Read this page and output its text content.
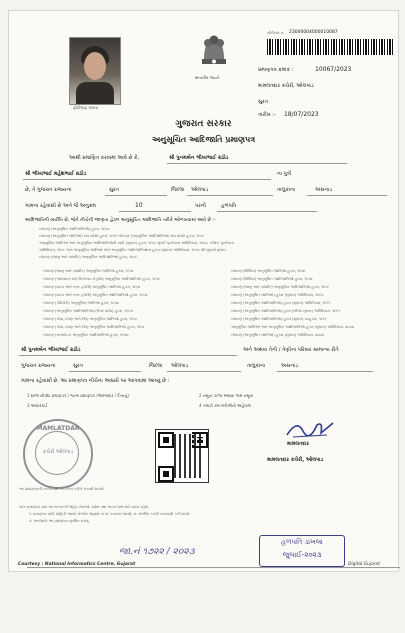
ફોટોગ્રાફ પાત્રતા
સત્યમેવ જયતે
સીરીયલ નં. 23000004000010087
પ્રમાણપત્ર ક્રમાંક :	10067/2023
મામલતદાર કચેરી, ઓલપાડ
સુરત
તારીખ :- 18/07/2023
ગુજરાત સરકાર
અનુસૂચિત આદિજાતિ પ્રમાણપત્ર
આથી પ્રમાણિત કરવામાં આવે છે કે,	શ્રી પુનમબેન ભીખાભાઈ રાઠોડ
શ્રી ભીખાભાઈ મહેશભાઈ રાઠોડ	ના પુત્રી
છે, તે ગુજરાત રાજ્યના	સુરત	જિલ્લા ઓલપાડ	તાલુકાના	અસનાડ
ગામના રહેવાસી છે અને જે અનુક્રમ	10	પરની	હળપતિ
આદિજાતિની વ્યક્તિ છે, જેને નીચેની જાણતા હેઠળ અનુસૂચિત આદિજાતિ તરીકે ઓળખવામાં આવે છે :-
બંધારણ (અનુસૂચિત આદિજાતિઓ) હુકમ, ૧૯૫૦
બંધારણ (અનુસૂચિત જાતિઓ) સંઘ પ્રદેશો હુકમ, ૧૯૫૧ બંધારણ (અનુસૂચિત આદિજાતિઓ) સંઘ પ્રદેશો હુકમ, ૧૯૫૧
અનુસૂચિત જાતિઓ અને અનુસૂચિત આદિજાતિઓની યાદી (સુધારા) હુકમ, ૧૯૫૬ મુંબઈ પુનર્રચના અધિનિયમ, ૧૯૬૦, પંજાબ પુનર્રચના
અધિનિયમ, ૧૯૬૬ અને અનુસૂચિત જાતિઓ અને અનુસૂચિત આદિજાતિઓના હુકમ (સુધારા) અધિનિયમ, ૧૯૭૬ થી સુધાર્યા મુજબ
બંધારણ (જમ્મુ અને કાશ્મીર) અનુસૂચિત આદિજાતિઓ હુકમ, ૧૯૮૯
બંધારણ (જમ્મુ અને કાશ્મીર) અનુસૂચિત જાતિઓ હુકમ, ૧૯૫૬
બંધારણ (આંદામાન અને નિકોબાર ટાપુઓ) અનુસૂચિત આદિજાતિઓ હુકમ, ૧૯૫૯
બંધારણ (દાદરા અને નગર હવેલી) અનુસૂચિત જાતિઓ હુકમ, ૧૯૬૨
બંધારણ (દાદરા અને નગર હવેલી) અનુસૂચિત આદિજાતિઓ હુકમ, ૧૯૬૨
બંધારણ (પોંડિચેરી) અનુસૂચિત જાતિઓ હુકમ, ૧૯૬૪
બંધારણ (અનુસૂચિત આદિજાતિઓ) (ઉત્તર પ્રદેશ) હુકમ, ૧૯૬૭
બંધારણ (ગોવા, દમણ અને દીવ) અનુસૂચિત જાતિઓ હુકમ, ૧૯૬૮
બંધારણ (ગોવા, દમણ અને દીવ) અનુસૂચિત આદિજાતિઓ હુકમ, ૧૯૬૮
બંધારણ (નાગાલેન્ડ) અનુસૂચિત આદિજાતિઓ હુકમ, ૧૯૭૦
બંધારણ (સિક્કિમ) અનુસૂચિત જાતિઓ હુકમ, ૧૯૭૮
બંધારણ (સિક્કિમ) અનુસૂચિત આદિજાતિઓ હુકમ, ૧૯૭૮
બંધારણ (જમ્મુ અને કાશ્મીર) અનુસૂચિત આદિજાતિઓ હુકમ, ૧૯૮૯
બંધારણ (અનુસૂચિત જાતિઓ) હુકમ (સુધારા) અધિનિયમ, ૧૯૯૦
બંધારણ (અનુસૂચિત આદિજાતિઓ) હુકમ (સુધારા) અધિનિયમ, ૧૯૯૧
બંધારણ (અનુસૂચિત આદિજાતિઓ) હુકમ (બીજા સુધારા) અધિનિયમ, ૧૯૯૧
બંધારણ (અનુસૂચિત આદિજાતિઓ) હુકમ (સુધારા) વટહુકમ, ૧૯૯૬
અનુસૂચિત જાતિઓ અને અનુસૂચિત આદિજાતિઓ હુકમ (સુધારા) અધિનિયમ, ૨૦૦૨
બંધારણ (અનુસૂચિત જાતિઓ) હુકમ (સુધારા) અધિનિયમ, ૨૦૦૨
શ્રી પુનમબેન ભીખાભાઈ રાઠોડ	અને અથવા તેની / તેણીના પરિવાર સામાન્ય રીતે
ગુજરાત રાજ્યના	સુરત	જિલ્લા ઓલપાડ	તાલુકાના	અસનાડ
ગામના રહેવાસી છે. આ પ્રમાણપત્ર નીચેના આધારો પર આપવામાં આવ્યું છે :
1 શાળા છોડ્યા પ્રમાણપત્ર / જન્મ પ્રમાણપત્ર (અરજદાર / પિતાનું)	2 નમૂના ૭/૧૨ અથવા ગામ નમૂના
3 આધારકાર્ડ	4 તલાટી કમ મંત્રીશ્રીનો અહેવાલ
MAMLATDAR
કચેરી ઓલપાડ
મામલતદાર
મામલતદાર કચેરી, ઓલપાડ
આ પ્રમાણપત્રની નકલો QR કોડ સ્કેન કરીને ચકાસી શકાશે.
સદર પ્રમાણપત્ર માત્ર આ સરકારની જાહેર સેવાઓ, પ્રવેશ તથા અન્ય લાભ માટે માન્ય રહેશે.
૧. પ્રમાણપત્ર ખોટી માહિતી આધારે મેળવેલ જણાશે તો રદ કરવામાં આવશે. ૨. સંબંધિત કચેરી ચકાસણી કરી શકશે.
૩. અરજદારે આ પ્રમાણપત્ર સુરક્ષિત રાખવું.
જા.નં ૧૭૨૨ / ૨૦૨૩
હળપતિ ડાખલા
જુલાઈ-૨૦૨૩
Courtesy : National Informatics Centre, Gujarat	Digital Gujarat
